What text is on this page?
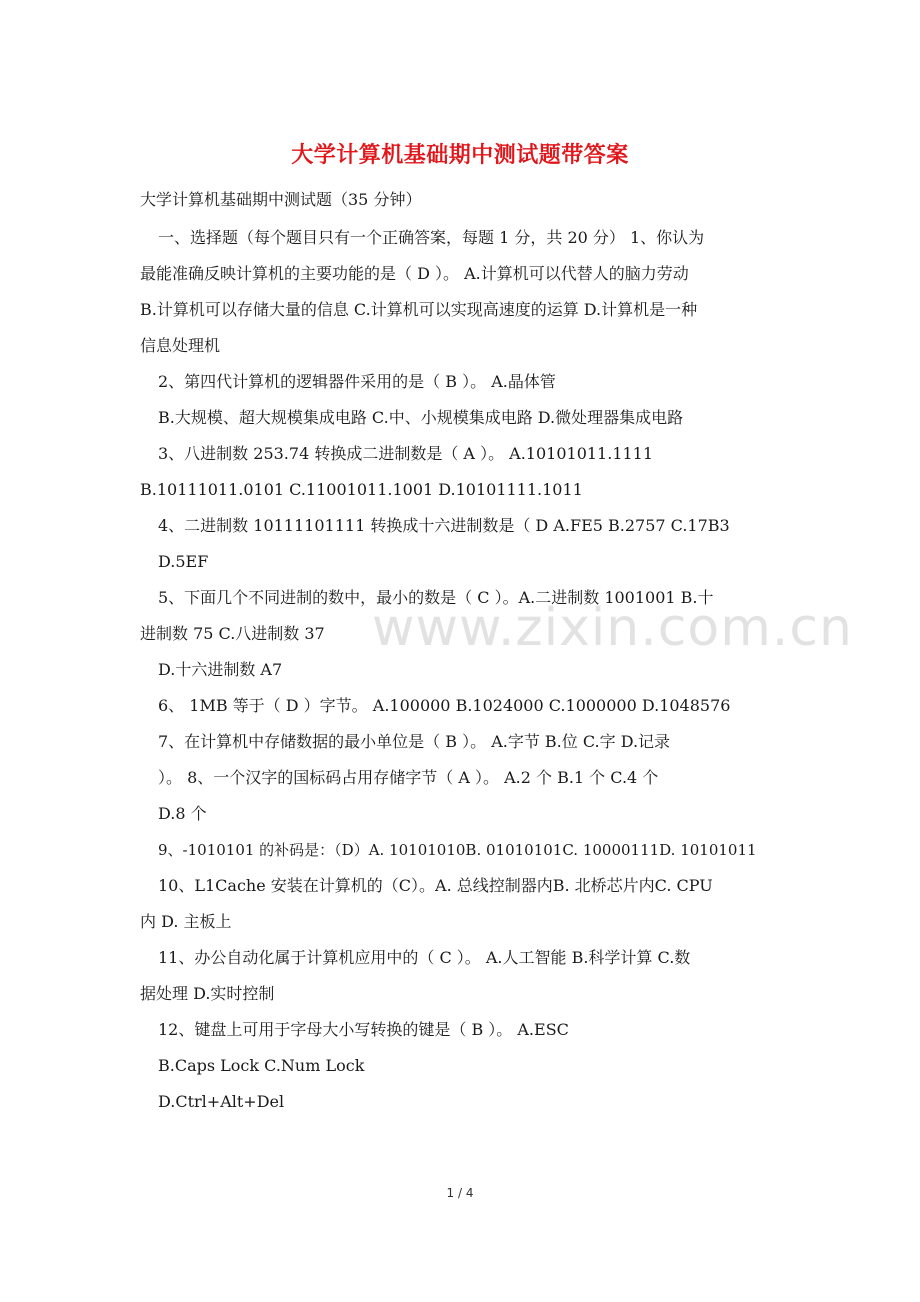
www.zixin.com.cn
大学计算机基础期中测试题带答案
大学计算机基础期中测试题（35 分钟）
一、选择题（每个题目只有一个正确答案，每题 1 分，共 20 分） 1、你认为
最能准确反映计算机的主要功能的是（ D ）。 A.计算机可以代替人的脑力劳动
B.计算机可以存储大量的信息 C.计算机可以实现高速度的运算 D.计算机是一种
信息处理机
2、第四代计算机的逻辑器件采用的是（ B ）。 A.晶体管
B.大规模、超大规模集成电路 C.中、小规模集成电路 D.微处理器集成电路
3、八进制数 253.74 转换成二进制数是（ A ）。 A.10101011.1111
B.10111011.0101 C.11001011.1001 D.10101111.1011
4、二进制数 10111101111 转换成十六进制数是（ D A.FE5 B.2757 C.17B3
D.5EF
5、下面几个不同进制的数中，最小的数是（ C ）。A.二进制数 1001001 B.十
进制数 75 C.八进制数 37
D.十六进制数 A7
6、 1MB 等于（ D ）字节。 A.100000 B.1024000 C.1000000 D.1048576
7、在计算机中存储数据的最小单位是（ B ）。 A.字节 B.位 C.字 D.记录
）。 8、一个汉字的国标码占用存储字节（ A ）。 A.2 个 B.1 个 C.4 个
D.8 个
9、-1010101 的补码是：（D）A. 10101010B. 01010101C. 10000111D. 10101011
10、L1Cache 安装在计算机的（C）。A. 总线控制器内B. 北桥芯片内C. CPU
内 D. 主板上
11、办公自动化属于计算机应用中的（ C ）。 A.人工智能 B.科学计算 C.数
据处理 D.实时控制
12、键盘上可用于字母大小写转换的键是（ B ）。 A.ESC
B.Caps Lock C.Num Lock
D.Ctrl+Alt+Del
1 / 4
